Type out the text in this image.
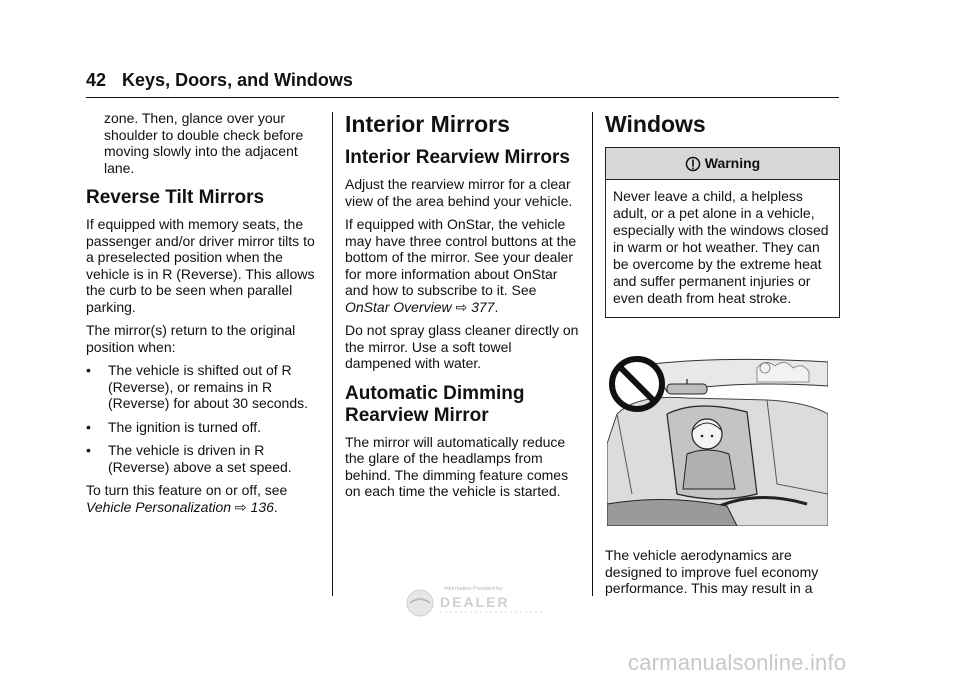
42 Keys, Doors, and Windows

zone. Then, glance over your shoulder to double check before moving slowly into the adjacent lane.

Reverse Tilt Mirrors

If equipped with memory seats, the passenger and/or driver mirror tilts to a preselected position when the vehicle is in R (Reverse). This allows the curb to be seen when parallel parking.

The mirror(s) return to the original position when:

•	The vehicle is shifted out of R (Reverse), or remains in R (Reverse) for about 30 seconds.
•	The ignition is turned off.
•	The vehicle is driven in R (Reverse) above a set speed.

To turn this feature on or off, see Vehicle Personalization ⇨ 136.

Interior Mirrors
Interior Rearview Mirrors

Adjust the rearview mirror for a clear view of the area behind your vehicle.

If equipped with OnStar, the vehicle may have three control buttons at the bottom of the mirror. See your dealer for more information about OnStar and how to subscribe to it. See OnStar Overview ⇨ 377.

Do not spray glass cleaner directly on the mirror. Use a soft towel dampened with water.

Automatic Dimming Rearview Mirror

The mirror will automatically reduce the glare of the headlamps from behind. The dimming feature comes on each time the vehicle is started.

Windows
Warning
Never leave a child, a helpless adult, or a pet alone in a vehicle, especially with the windows closed in warm or hot weather. They can be overcome by the extreme heat and suffer permanent injuries or even death from heat stroke.
The vehicle aerodynamics are designed to improve fuel economy performance. This may result in a
Information Provided by:
DEALER
carmanualsonline.info
